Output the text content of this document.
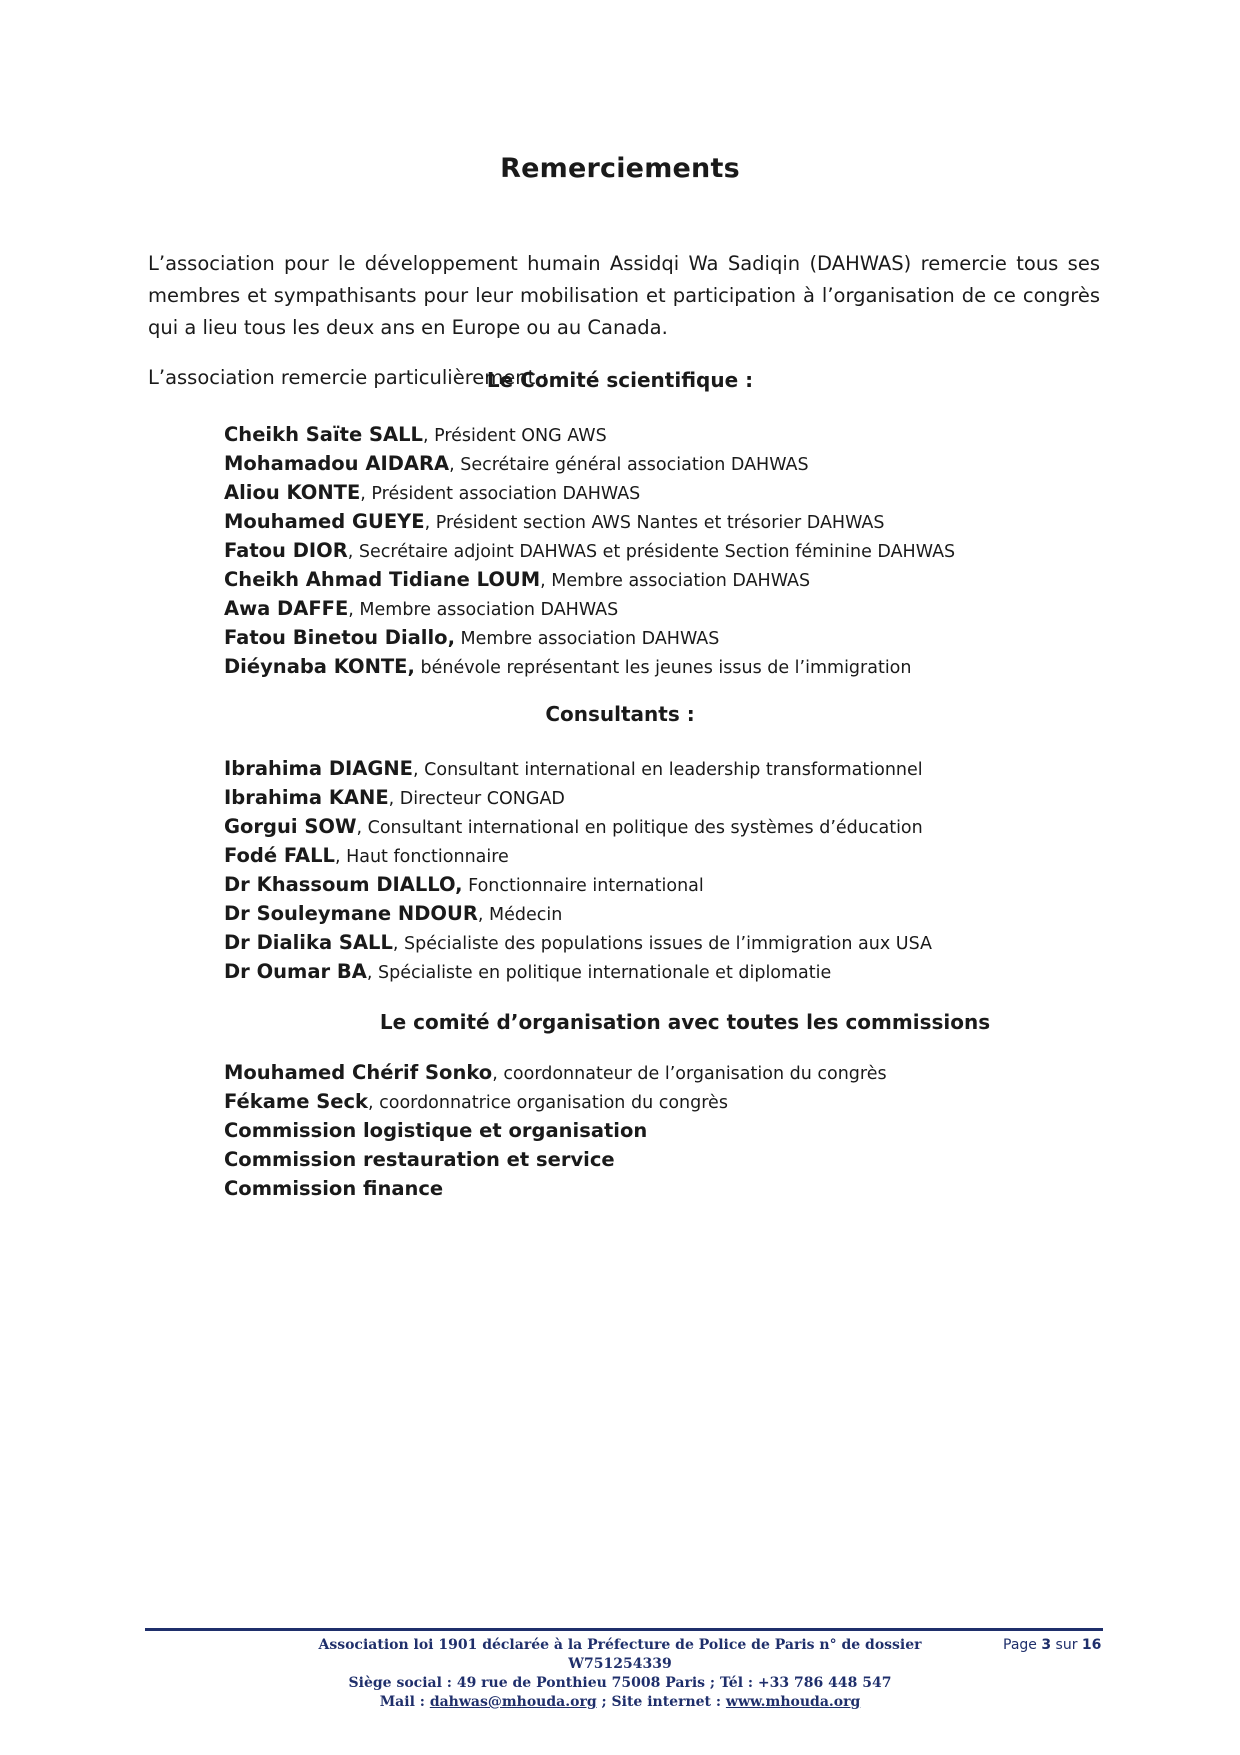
Remerciements

L’association pour le développement humain Assidqi Wa Sadiqin (DAHWAS) remercie tous ses membres et sympathisants pour leur mobilisation et participation à l’organisation de ce congrès qui a lieu tous les deux ans en Europe ou au Canada.

L’association remercie particulièrement :

Le Comité scientifique :
Cheikh Saïte SALL, Président ONG AWS
Mohamadou AIDARA, Secrétaire général association DAHWAS
Aliou KONTE, Président association DAHWAS
Mouhamed GUEYE, Président section AWS Nantes et trésorier DAHWAS
Fatou DIOR, Secrétaire adjoint DAHWAS et présidente Section féminine DAHWAS
Cheikh Ahmad Tidiane LOUM, Membre association DAHWAS
Awa DAFFE, Membre association DAHWAS
Fatou Binetou Diallo, Membre association DAHWAS
Diéynaba KONTE, bénévole représentant les jeunes issus de l’immigration
Consultants :
Ibrahima DIAGNE, Consultant international en leadership transformationnel
Ibrahima KANE, Directeur CONGAD
Gorgui SOW, Consultant international en politique des systèmes d’éducation
Fodé FALL, Haut fonctionnaire
Dr Khassoum DIALLO, Fonctionnaire international
Dr Souleymane NDOUR, Médecin
Dr Dialika SALL, Spécialiste des populations issues de l’immigration aux USA
Dr Oumar BA, Spécialiste en politique internationale et diplomatie
Le comité d’organisation avec toutes les commissions
Mouhamed Chérif Sonko, coordonnateur de l’organisation du congrès
Fékame Seck, coordonnatrice organisation du congrès
Commission logistique et organisation
Commission restauration et service
Commission finance
Association loi 1901 déclarée à la Préfecture de Police de Paris n° de dossier W751254339
Siège social : 49 rue de Ponthieu 75008 Paris ; Tél : +33 786 448 547
Mail : dahwas@mhouda.org ; Site internet : www.mhouda.org
Page 3 sur 16
